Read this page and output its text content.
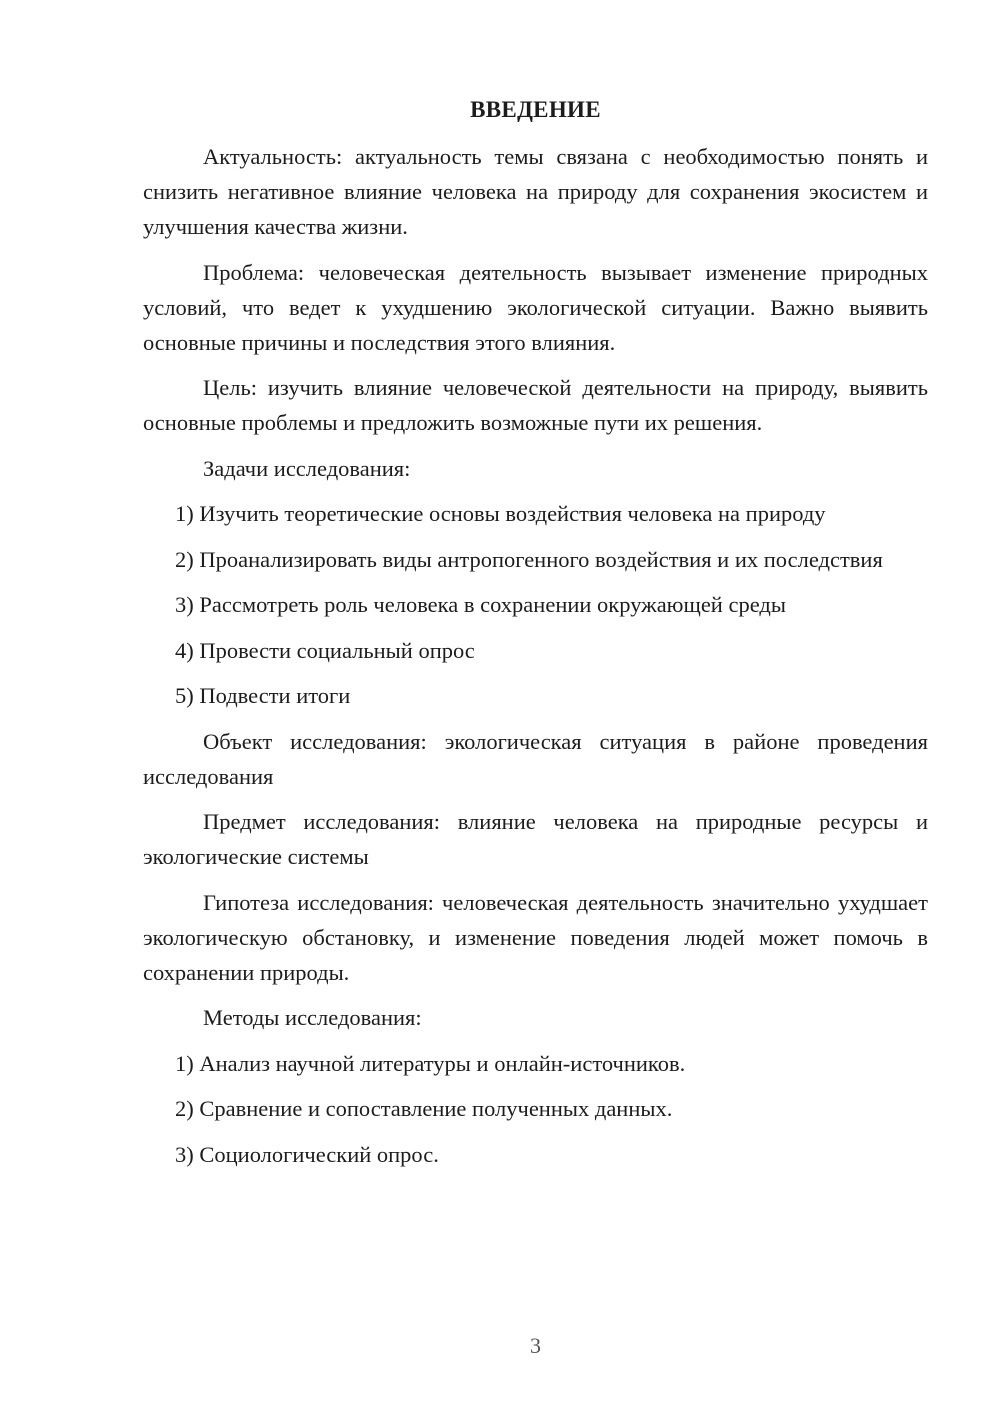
ВВЕДЕНИЕ

Актуальность: актуальность темы связана с необходимостью понять и снизить негативное влияние человека на природу для сохранения экосистем и улучшения качества жизни.

Проблема: человеческая деятельность вызывает изменение природных условий, что ведет к ухудшению экологической ситуации. Важно выявить основные причины и последствия этого влияния.

Цель: изучить влияние человеческой деятельности на природу, выявить основные проблемы и предложить возможные пути их решения.

Задачи исследования:

1) Изучить теоретические основы воздействия человека на природу

2) Проанализировать виды антропогенного воздействия и их последствия

3) Рассмотреть роль человека в сохранении окружающей среды

4) Провести социальный опрос

5) Подвести итоги

Объект исследования: экологическая ситуация в районе проведения исследования

Предмет исследования: влияние человека на природные ресурсы и экологические системы

Гипотеза исследования: человеческая деятельность значительно ухудшает экологическую обстановку, и изменение поведения людей может помочь в сохранении природы.

Методы исследования:

1) Анализ научной литературы и онлайн-источников.

2) Сравнение и сопоставление полученных данных.

3) Социологический опрос.

3
